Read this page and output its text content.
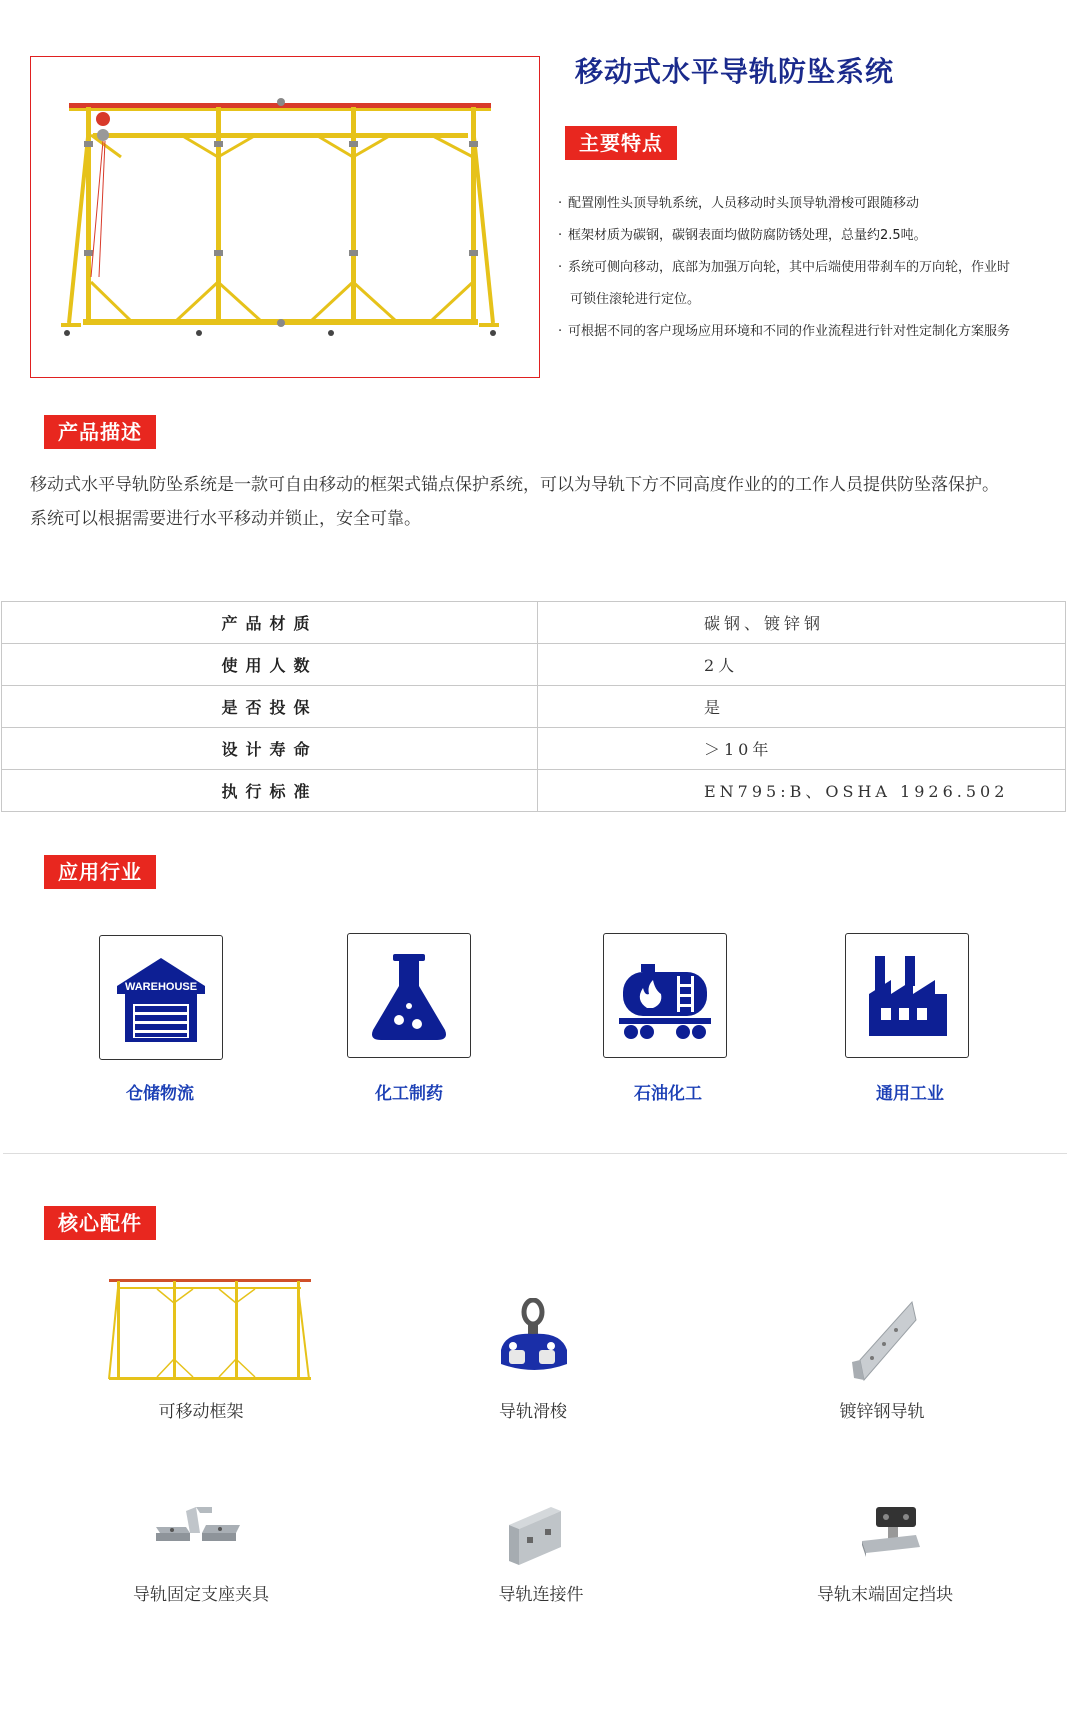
移动式水平导轨防坠系统
主要特点
· 配置刚性头顶导轨系统，人员移动时头顶导轨滑梭可跟随移动
· 框架材质为碳钢，碳钢表面均做防腐防锈处理，总量约2.5吨。
· 系统可侧向移动，底部为加强万向轮，其中后端使用带刹车的万向轮，作业时
可锁住滚轮进行定位。
· 可根据不同的客户现场应用环境和不同的作业流程进行针对性定制化方案服务
产品描述
移动式水平导轨防坠系统是一款可自由移动的框架式锚点保护系统，可以为导轨下方不同高度作业的的工作人员提供防坠落保护。
系统可以根据需要进行水平移动并锁止，安全可靠。
产品材质	碳钢、镀锌钢
使用人数	2人
是否投保	是
设计寿命	＞10年
执行标准	EN795:B、OSHA 1926.502
应用行业
WAREHOUSE
仓储物流	化工制药	石油化工	通用工业
核心配件
可移动框架	导轨滑梭	镀锌钢导轨
导轨固定支座夹具	导轨连接件	导轨末端固定挡块
